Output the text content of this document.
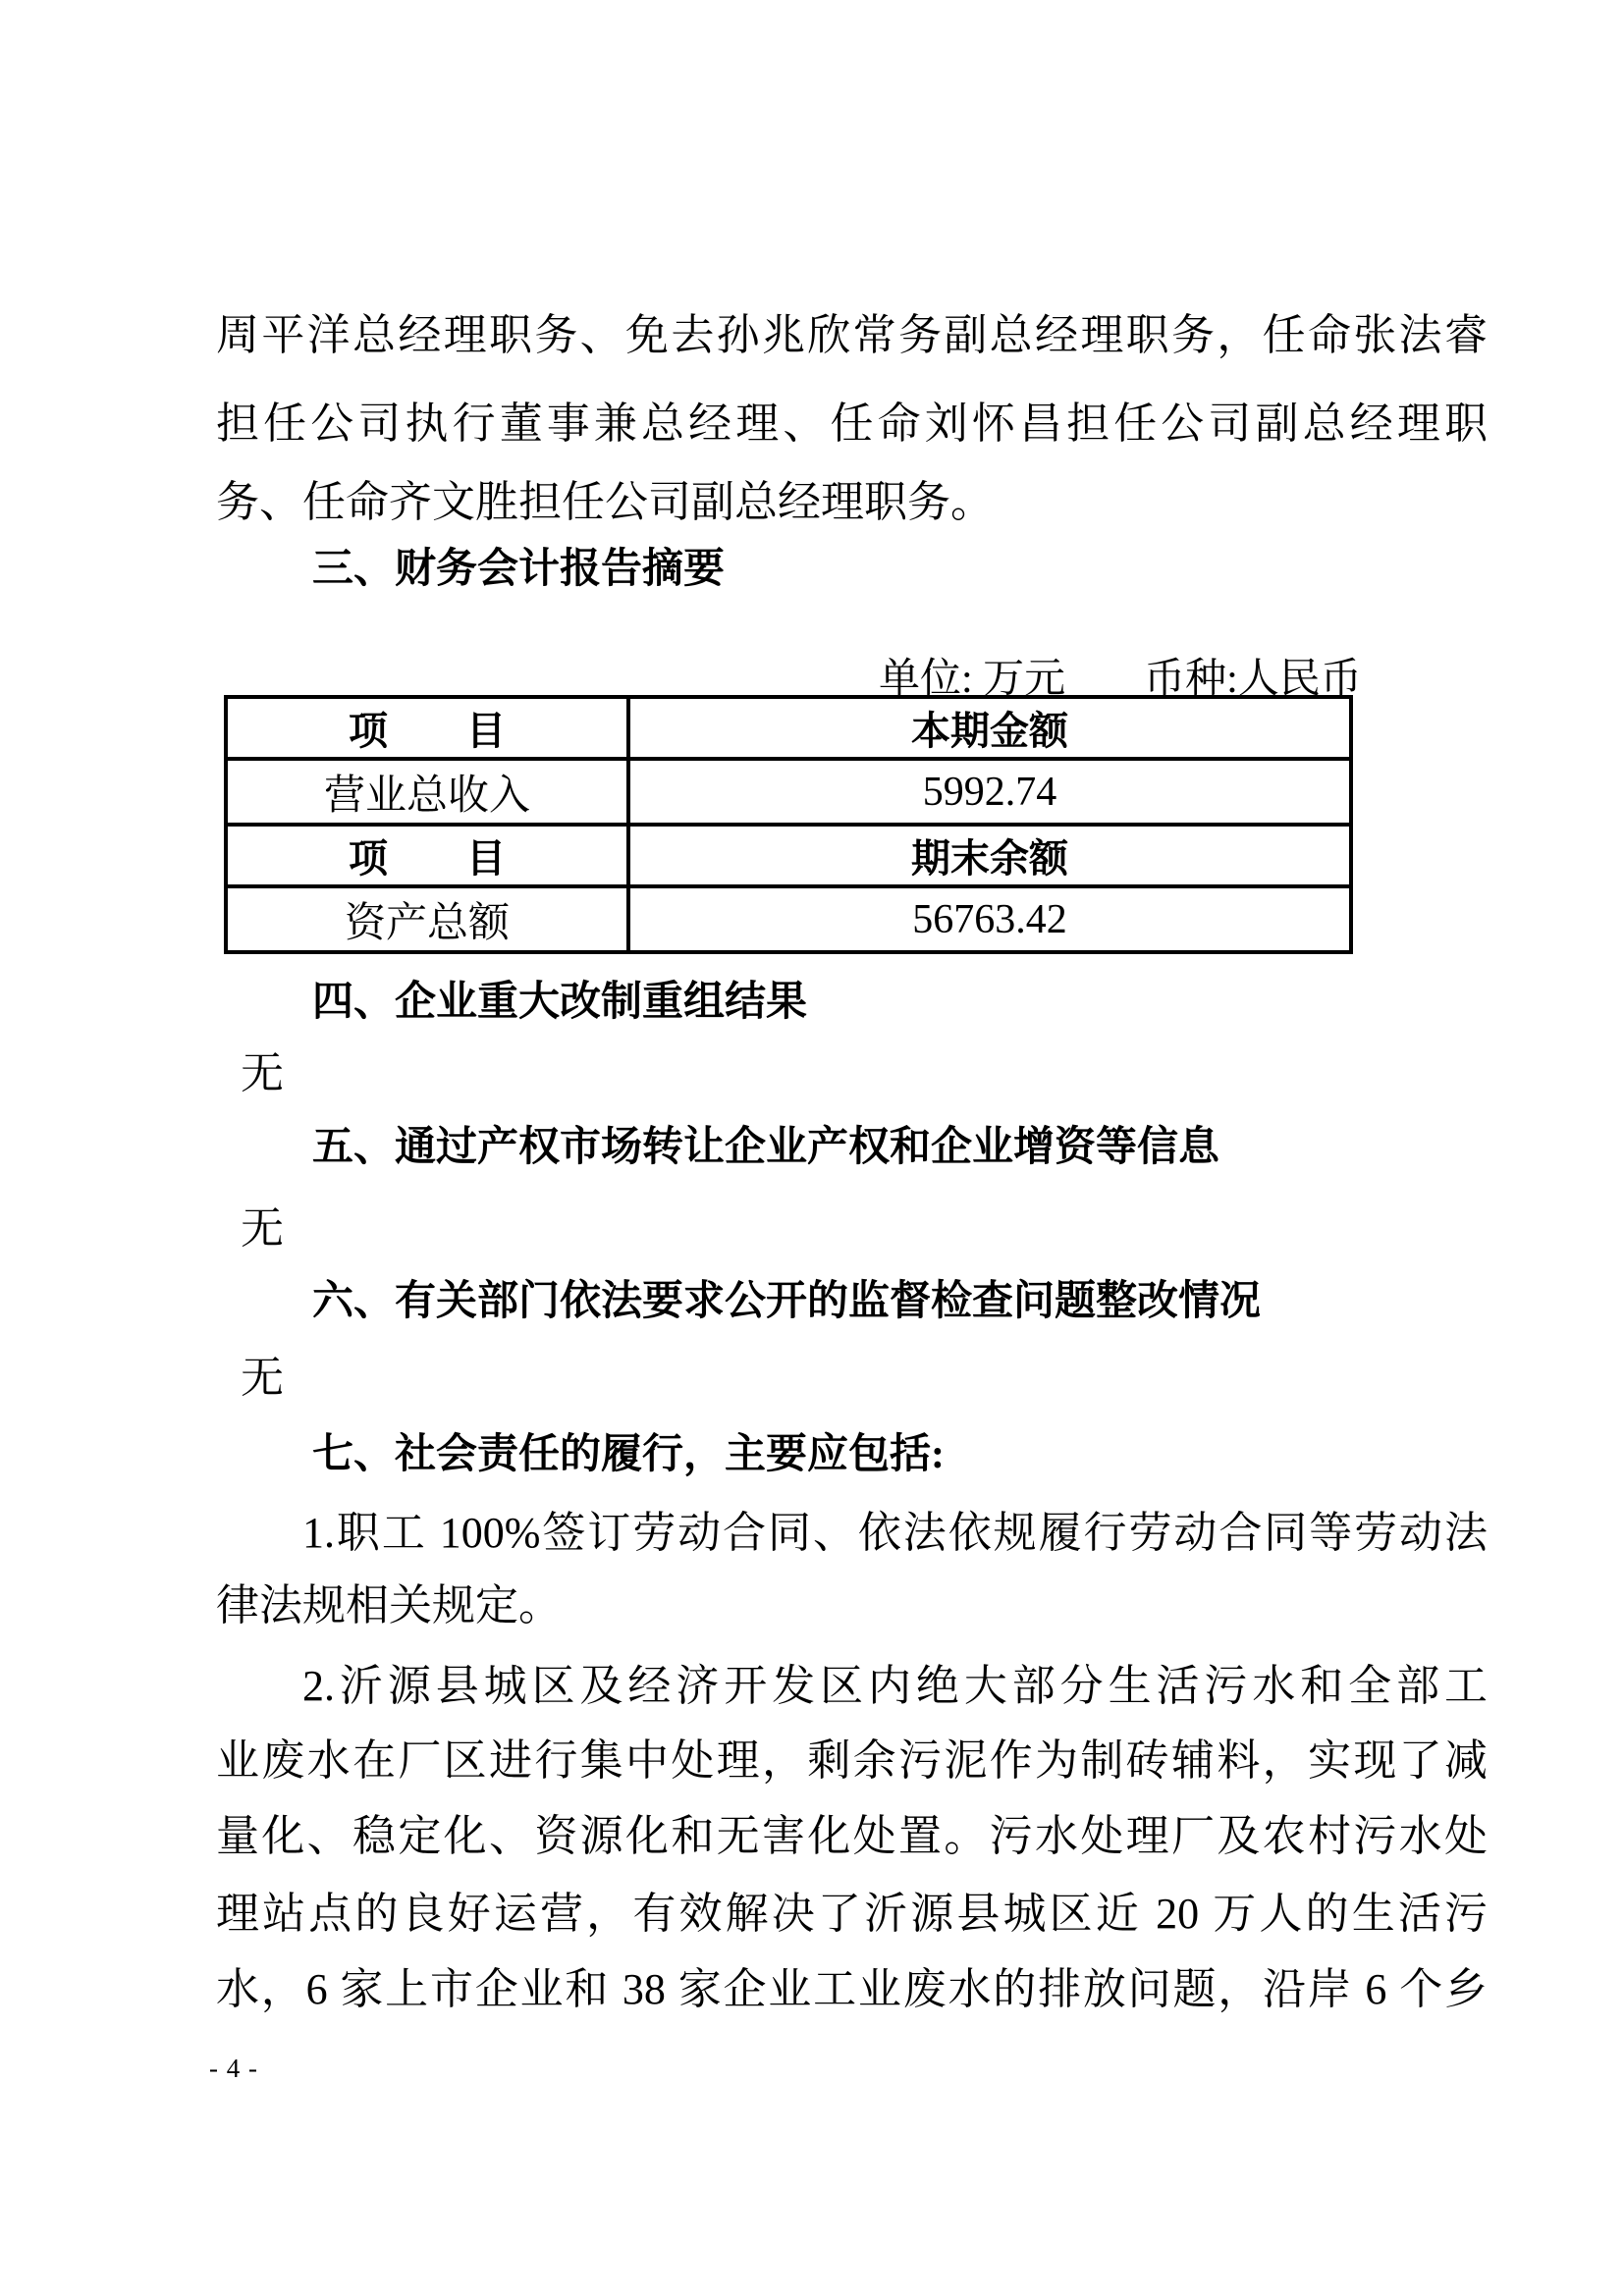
周平洋总经理职务、免去孙兆欣常务副总经理职务，任命张法睿
担任公司执行董事兼总经理、任命刘怀昌担任公司副总经理职
务、任命齐文胜担任公司副总经理职务。
三、财务会计报告摘要

单位: 万元 币种:人民币

项　　目	本期金额
营业总收入	5992.74
项　　目	期末余额
资产总额	56763.42
四、企业重大改制重组结果
无
五、通过产权市场转让企业产权和企业增资等信息
无
六、有关部门依法要求公开的监督检查问题整改情况
无
七、社会责任的履行，主要应包括:
1.职工 100%签订劳动合同、依法依规履行劳动合同等劳动法
律法规相关规定。
2.沂源县城区及经济开发区内绝大部分生活污水和全部工
业废水在厂区进行集中处理，剩余污泥作为制砖辅料，实现了减
量化、稳定化、资源化和无害化处置。污水处理厂及农村污水处
理站点的良好运营，有效解决了沂源县城区近 20 万人的生活污
水，6 家上市企业和 38 家企业工业废水的排放问题，沿岸 6 个乡
- 4 -
